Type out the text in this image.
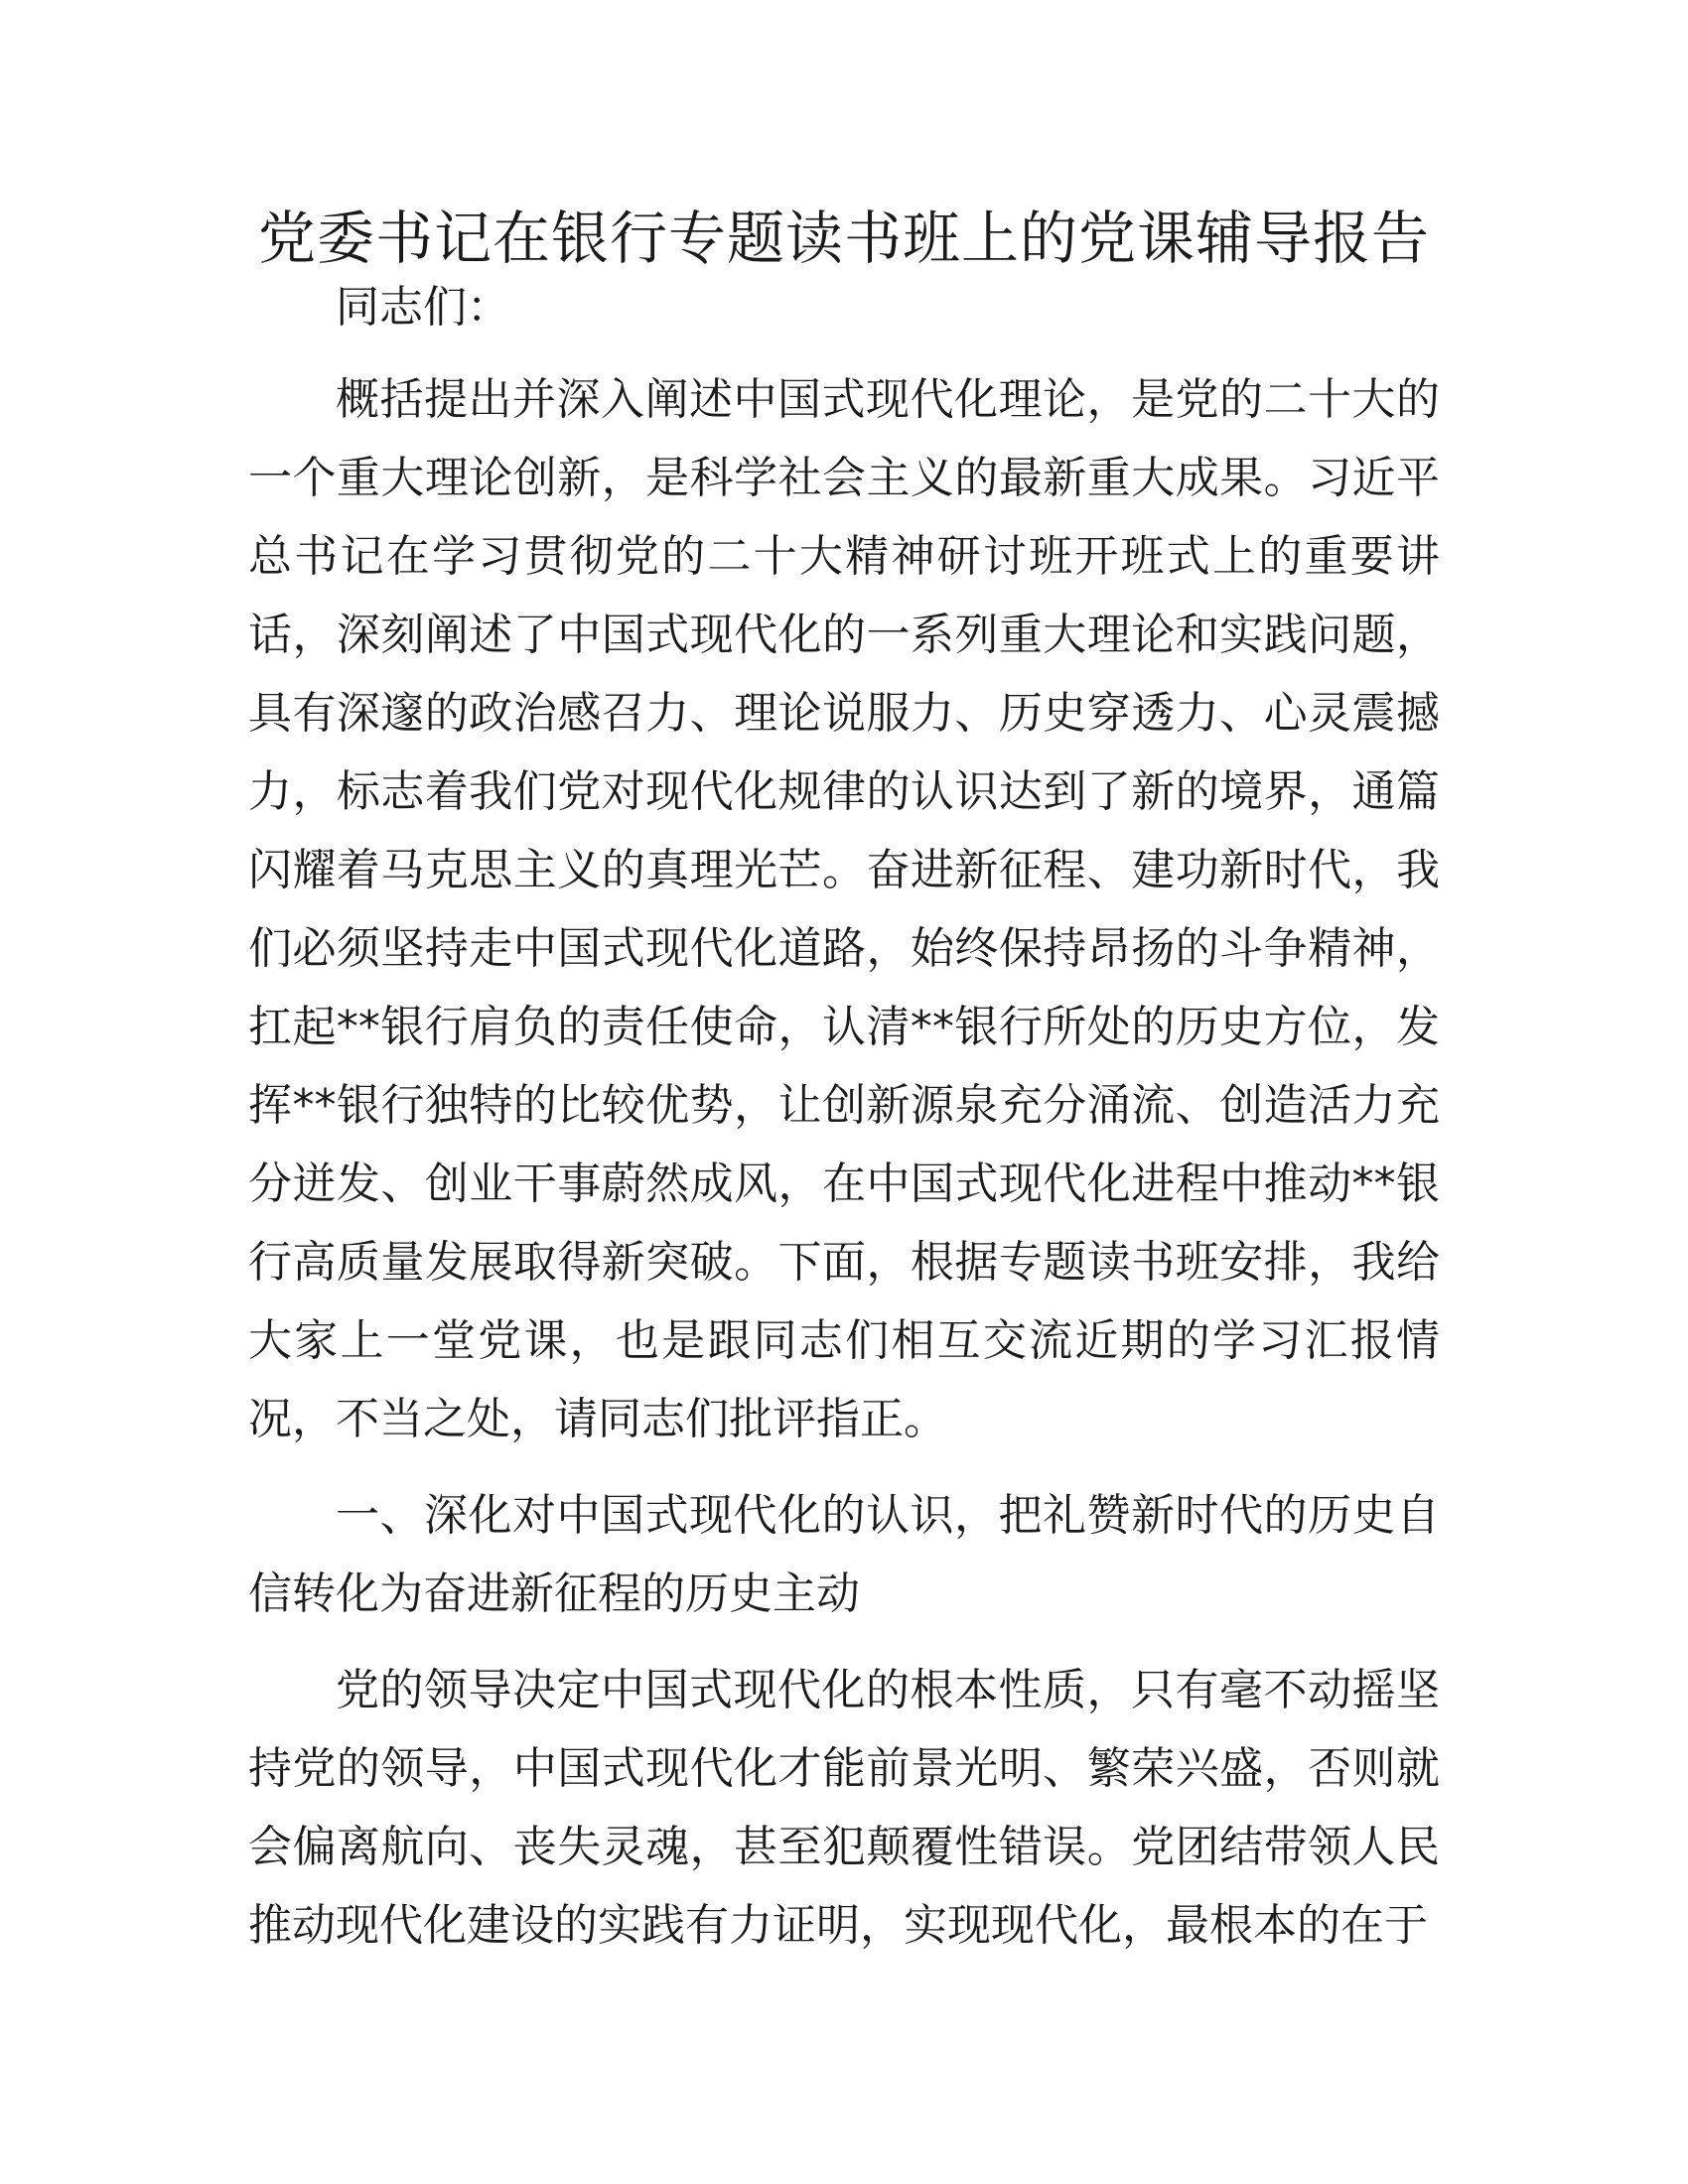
党委书记在银行专题读书班上的党课辅导报告

同志们：

概括提出并深入阐述中国式现代化理论，是党的二十大的一个重大理论创新，是科学社会主义的最新重大成果。习近平总书记在学习贯彻党的二十大精神研讨班开班式上的重要讲话，深刻阐述了中国式现代化的一系列重大理论和实践问题，具有深邃的政治感召力、理论说服力、历史穿透力、心灵震撼力，标志着我们党对现代化规律的认识达到了新的境界，通篇闪耀着马克思主义的真理光芒。奋进新征程、建功新时代，我们必须坚持走中国式现代化道路，始终保持昂扬的斗争精神，扛起**银行肩负的责任使命，认清**银行所处的历史方位，发挥**银行独特的比较优势，让创新源泉充分涌流、创造活力充分迸发、创业干事蔚然成风，在中国式现代化进程中推动**银行高质量发展取得新突破。下面，根据专题读书班安排，我给大家上一堂党课，也是跟同志们相互交流近期的学习汇报情况，不当之处，请同志们批评指正。

一、深化对中国式现代化的认识，把礼赞新时代的历史自信转化为奋进新征程的历史主动

党的领导决定中国式现代化的根本性质，只有毫不动摇坚持党的领导，中国式现代化才能前景光明、繁荣兴盛，否则就会偏离航向、丧失灵魂，甚至犯颠覆性错误。党团结带领人民推动现代化建设的实践有力证明，实现现代化，最根本的在于
